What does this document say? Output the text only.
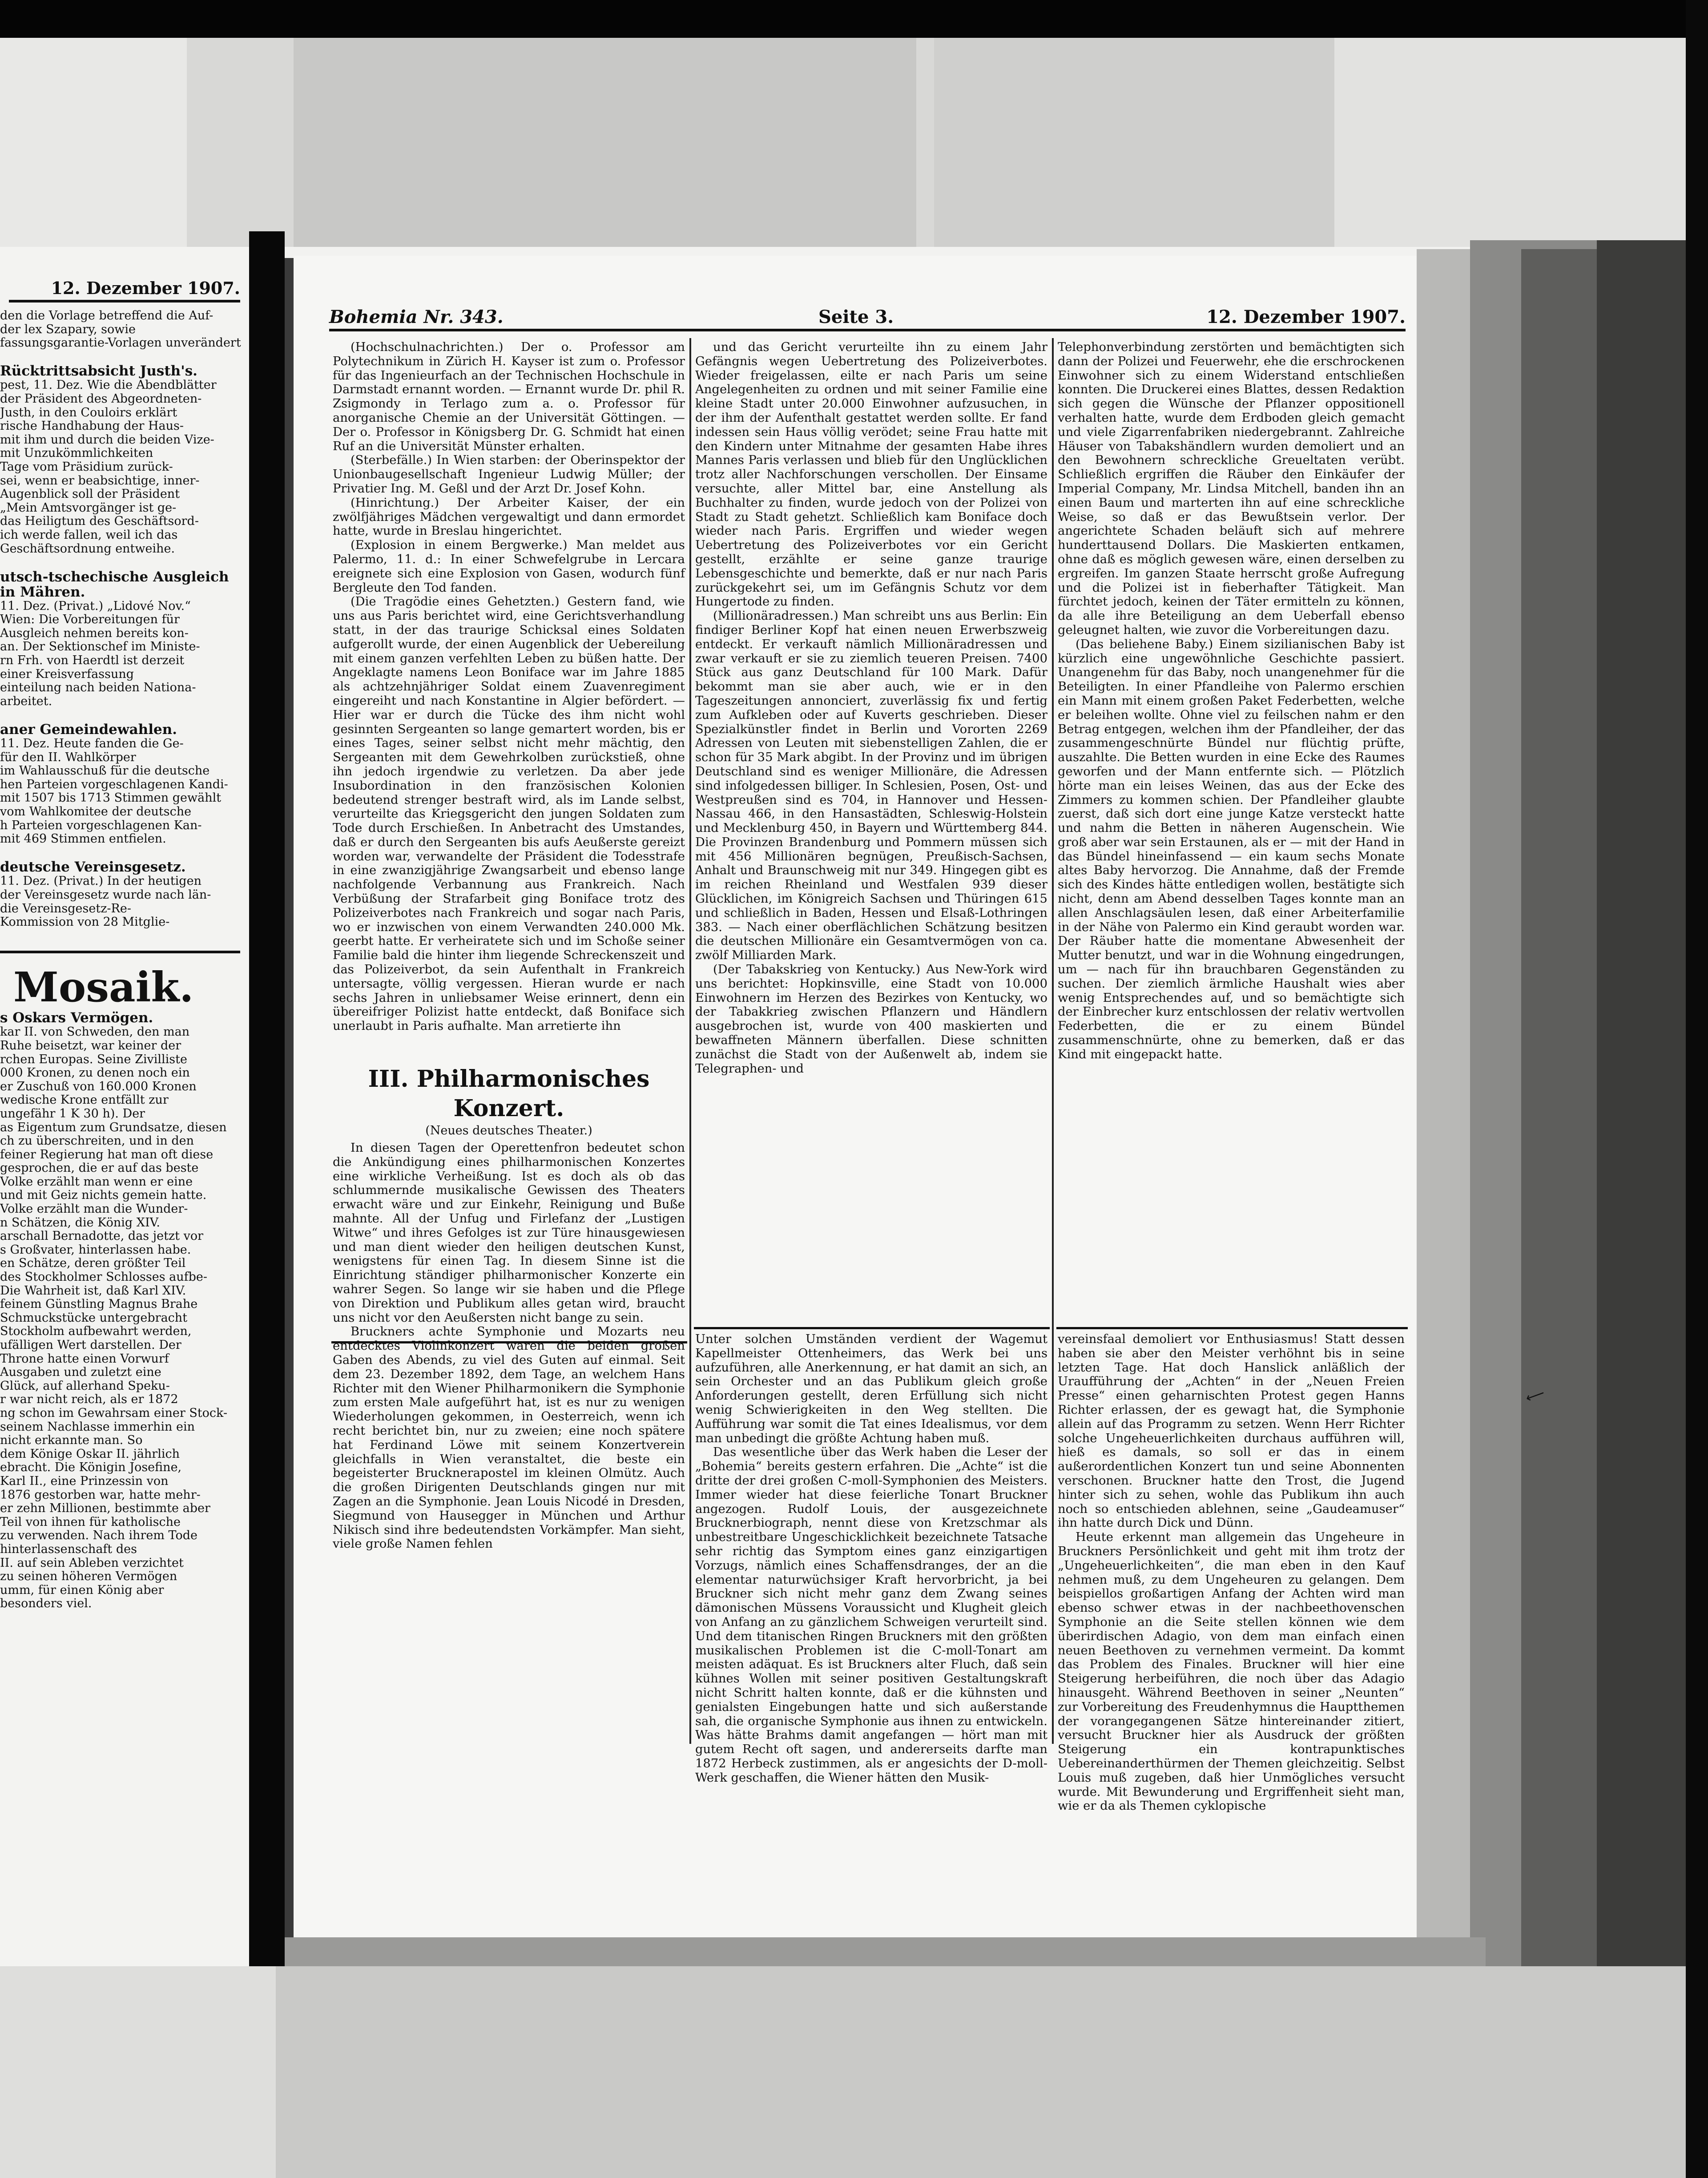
12. Dezember 1907.
den die Vorlage betreffend die Auf-
der lex Szapary, sowie
fassungsgarantie-Vorlagen unverändert

Rücktrittsabsicht Justh's.
pest, 11. Dez. Wie die Abendblätter
der Präsident des Abgeordneten-
Justh, in den Couloirs erklärt
rische Handhabung der Haus-
mit ihm und durch die beiden Vize-
mit Unzukömmlichkeiten
Tage vom Präsidium zurück-
sei, wenn er beabsichtige, inner-
Augenblick soll der Präsident
„Mein Amtsvorgänger ist ge-
das Heiligtum des Geschäftsord-
ich werde fallen, weil ich das
Geschäftsordnung entweihe.

utsch-tschechische Ausgleich
in Mähren.
11. Dez. (Privat.) „Lidové Nov.“
Wien: Die Vorbereitungen für
Ausgleich nehmen bereits kon-
an. Der Sektionschef im Ministe-
rn Frh. von Haerdtl ist derzeit
einer Kreisverfassung
einteilung nach beiden Nationa-
arbeitet.

aner Gemeindewahlen.
11. Dez. Heute fanden die Ge-
für den II. Wahlkörper
im Wahlausschuß für die deutsche
hen Parteien vorgeschlagenen Kandi-
mit 1507 bis 1713 Stimmen gewählt
vom Wahlkomitee der deutsche
h Parteien vorgeschlagenen Kan-
mit 469 Stimmen entfielen.

deutsche Vereinsgesetz.
11. Dez. (Privat.) In der heutigen
der Vereinsgesetz wurde nach län-
die Vereinsgesetz-Re-
Kommission von 28 Mitglie-

Mosaik.
s Oskars Vermögen.
kar II. von Schweden, den man
Ruhe beisetzt, war keiner der
rchen Europas. Seine Zivilliste
000 Kronen, zu denen noch ein
er Zuschuß von 160.000 Kronen
wedische Krone entfällt zur
ungefähr 1 K 30 h). Der
as Eigentum zum Grundsatze, diesen
ch zu überschreiten, und in den
feiner Regierung hat man oft diese
gesprochen, die er auf das beste
Volke erzählt man wenn er eine
und mit Geiz nichts gemein hatte.
Volke erzählt man die Wunder-
n Schätzen, die König XIV.
arschall Bernadotte, das jetzt vor
s Großvater, hinterlassen habe.
en Schätze, deren größter Teil
des Stockholmer Schlosses aufbe-
Die Wahrheit ist, daß Karl XIV.
feinem Günstling Magnus Brahe
Schmuckstücke untergebracht
Stockholm aufbewahrt werden,
ufälligen Wert darstellen. Der
Throne hatte einen Vorwurf
Ausgaben und zuletzt eine
Glück, auf allerhand Speku-
r war nicht reich, als er 1872
ng schon im Gewahrsam einer Stock-
seinem Nachlasse immerhin ein
nicht erkannte man. So
dem Könige Oskar II. jährlich
ebracht. Die Königin Josefine,
Karl II., eine Prinzessin von
1876 gestorben war, hatte mehr-
er zehn Millionen, bestimmte aber
Teil von ihnen für katholische
zu verwenden. Nach ihrem Tode
hinterlassenschaft des
II. auf sein Ableben verzichtet
zu seinen höheren Vermögen
umm, für einen König aber
besonders viel.
Bohemia Nr. 343.	Seite 3.	12. Dezember 1907.
(Hochschulnachrichten.) Der o. Professor am Polytechnikum in Zürich H. Kayser ist zum o. Professor für das Ingenieurfach an der Technischen Hochschule in Darmstadt ernannt worden. — Ernannt wurde Dr. phil R. Zsigmondy in Terlago zum a. o. Professor für anorganische Chemie an der Universität Göttingen. — Der o. Professor in Königsberg Dr. G. Schmidt hat einen Ruf an die Universität Münster erhalten.
(Sterbefälle.) In Wien starben: der Oberinspektor der Unionbaugesellschaft Ingenieur Ludwig Müller; der Privatier Ing. M. Geßl und der Arzt Dr. Josef Kohn.
(Hinrichtung.) Der Arbeiter Kaiser, der ein zwölfjähriges Mädchen vergewaltigt und dann ermordet hatte, wurde in Breslau hingerichtet.
(Explosion in einem Bergwerke.) Man meldet aus Palermo, 11. d.: In einer Schwefelgrube in Lercara ereignete sich eine Explosion von Gasen, wodurch fünf Bergleute den Tod fanden.
(Die Tragödie eines Gehetzten.) Gestern fand, wie uns aus Paris berichtet wird, eine Gerichtsverhandlung statt, in der das traurige Schicksal eines Soldaten aufgerollt wurde, der einen Augenblick der Uebereilung mit einem ganzen verfehlten Leben zu büßen hatte. Der Angeklagte namens Leon Boniface war im Jahre 1885 als achtzehnjähriger Soldat einem Zuavenregiment eingereiht und nach Konstantine in Algier befördert. — Hier war er durch die Tücke des ihm nicht wohl gesinnten Sergeanten so lange gemartert worden, bis er eines Tages, seiner selbst nicht mehr mächtig, den Sergeanten mit dem Gewehrkolben zurückstieß, ohne ihn jedoch irgendwie zu verletzen. Da aber jede Insubordination in den französischen Kolonien bedeutend strenger bestraft wird, als im Lande selbst, verurteilte das Kriegsgericht den jungen Soldaten zum Tode durch Erschießen. In Anbetracht des Umstandes, daß er durch den Sergeanten bis aufs Aeußerste gereizt worden war, verwandelte der Präsident die Todesstrafe in eine zwanzigjährige Zwangsarbeit und ebenso lange nachfolgende Verbannung aus Frankreich. Nach Verbüßung der Strafarbeit ging Boniface trotz des Polizeiverbotes nach Frankreich und sogar nach Paris, wo er inzwischen von einem Verwandten 240.000 Mk. geerbt hatte. Er verheiratete sich und im Schoße seiner Familie bald die hinter ihm liegende Schreckenszeit und das Polizeiverbot, da sein Aufenthalt in Frankreich untersagte, völlig vergessen. Hieran wurde er nach sechs Jahren in unliebsamer Weise erinnert, denn ein übereifriger Polizist hatte entdeckt, daß Boniface sich unerlaubt in Paris aufhalte. Man arretierte ihn
III. Philharmonisches Konzert.
(Neues deutsches Theater.)
In diesen Tagen der Operettenfron bedeutet schon die Ankündigung eines philharmonischen Konzertes eine wirkliche Verheißung. Ist es doch als ob das schlummernde musikalische Gewissen des Theaters erwacht wäre und zur Einkehr, Reinigung und Buße mahnte. All der Unfug und Firlefanz der „Lustigen Witwe“ und ihres Gefolges ist zur Türe hinausgewiesen und man dient wieder den heiligen deutschen Kunst, wenigstens für einen Tag. In diesem Sinne ist die Einrichtung ständiger philharmonischer Konzerte ein wahrer Segen. So lange wir sie haben und die Pflege von Direktion und Publikum alles getan wird, braucht uns nicht vor den Aeußersten nicht bange zu sein.
Bruckners achte Symphonie und Mozarts neu entdecktes Violinkonzert waren die beiden großen Gaben des Abends, zu viel des Guten auf einmal. Seit dem 23. Dezember 1892, dem Tage, an welchem Hans Richter mit den Wiener Philharmonikern die Symphonie zum ersten Male aufgeführt hat, ist es nur zu wenigen Wiederholungen gekommen, in Oesterreich, wenn ich recht berichtet bin, nur zu zweien; eine noch spätere hat Ferdinand Löwe mit seinem Konzertverein gleichfalls in Wien veranstaltet, die beste ein begeisterter Brucknerapostel im kleinen Olmütz. Auch die großen Dirigenten Deutschlands gingen nur mit Zagen an die Symphonie. Jean Louis Nicodé in Dresden, Siegmund von Hausegger in München und Arthur Nikisch sind ihre bedeutendsten Vorkämpfer. Man sieht, viele große Namen fehlen
und das Gericht verurteilte ihn zu einem Jahr Gefängnis wegen Uebertretung des Polizeiverbotes. Wieder freigelassen, eilte er nach Paris um seine Angelegenheiten zu ordnen und mit seiner Familie eine kleine Stadt unter 20.000 Einwohner aufzusuchen, in der ihm der Aufenthalt gestattet werden sollte. Er fand indessen sein Haus völlig verödet; seine Frau hatte mit den Kindern unter Mitnahme der gesamten Habe ihres Mannes Paris verlassen und blieb für den Unglücklichen trotz aller Nachforschungen verschollen. Der Einsame versuchte, aller Mittel bar, eine Anstellung als Buchhalter zu finden, wurde jedoch von der Polizei von Stadt zu Stadt gehetzt. Schließlich kam Boniface doch wieder nach Paris. Ergriffen und wieder wegen Uebertretung des Polizeiverbotes vor ein Gericht gestellt, erzählte er seine ganze traurige Lebensgeschichte und bemerkte, daß er nur nach Paris zurückgekehrt sei, um im Gefängnis Schutz vor dem Hungertode zu finden.
(Millionäradressen.) Man schreibt uns aus Berlin: Ein findiger Berliner Kopf hat einen neuen Erwerbszweig entdeckt. Er verkauft nämlich Millionäradressen und zwar verkauft er sie zu ziemlich teueren Preisen. 7400 Stück aus ganz Deutschland für 100 Mark. Dafür bekommt man sie aber auch, wie er in den Tageszeitungen annonciert, zuverlässig fix und fertig zum Aufkleben oder auf Kuverts geschrieben. Dieser Spezialkünstler findet in Berlin und Vororten 2269 Adressen von Leuten mit siebenstelligen Zahlen, die er schon für 35 Mark abgibt. In der Provinz und im übrigen Deutschland sind es weniger Millionäre, die Adressen sind infolgedessen billiger. In Schlesien, Posen, Ost- und Westpreußen sind es 704, in Hannover und Hessen-Nassau 466, in den Hansastädten, Schleswig-Holstein und Mecklenburg 450, in Bayern und Württemberg 844. Die Provinzen Brandenburg und Pommern müssen sich mit 456 Millionären begnügen, Preußisch-Sachsen, Anhalt und Braunschweig mit nur 349. Hingegen gibt es im reichen Rheinland und Westfalen 939 dieser Glücklichen, im Königreich Sachsen und Thüringen 615 und schließlich in Baden, Hessen und Elsaß-Lothringen 383. — Nach einer oberflächlichen Schätzung besitzen die deutschen Millionäre ein Gesamtvermögen von ca. zwölf Milliarden Mark.
(Der Tabakskrieg von Kentucky.) Aus New-York wird uns berichtet: Hopkinsville, eine Stadt von 10.000 Einwohnern im Herzen des Bezirkes von Kentucky, wo der Tabakkrieg zwischen Pflanzern und Händlern ausgebrochen ist, wurde von 400 maskierten und bewaffneten Männern überfallen. Diese schnitten zunächst die Stadt von der Außenwelt ab, indem sie Telegraphen- und
Telephonverbindung zerstörten und bemächtigten sich dann der Polizei und Feuerwehr, ehe die erschrockenen Einwohner sich zu einem Widerstand entschließen konnten. Die Druckerei eines Blattes, dessen Redaktion sich gegen die Wünsche der Pflanzer oppositionell verhalten hatte, wurde dem Erdboden gleich gemacht und viele Zigarrenfabriken niedergebrannt. Zahlreiche Häuser von Tabakshändlern wurden demoliert und an den Bewohnern schreckliche Greueltaten verübt. Schließlich ergriffen die Räuber den Einkäufer der Imperial Company, Mr. Lindsa Mitchell, banden ihn an einen Baum und marterten ihn auf eine schreckliche Weise, so daß er das Bewußtsein verlor. Der angerichtete Schaden beläuft sich auf mehrere hunderttausend Dollars. Die Maskierten entkamen, ohne daß es möglich gewesen wäre, einen derselben zu ergreifen. Im ganzen Staate herrscht große Aufregung und die Polizei ist in fieberhafter Tätigkeit. Man fürchtet jedoch, keinen der Täter ermitteln zu können, da alle ihre Beteiligung an dem Ueberfall ebenso geleugnet halten, wie zuvor die Vorbereitungen dazu.
(Das beliehene Baby.) Einem sizilianischen Baby ist kürzlich eine ungewöhnliche Geschichte passiert. Unangenehm für das Baby, noch unangenehmer für die Beteiligten. In einer Pfandleihe von Palermo erschien ein Mann mit einem großen Paket Federbetten, welche er beleihen wollte. Ohne viel zu feilschen nahm er den Betrag entgegen, welchen ihm der Pfandleiher, der das zusammengeschnürte Bündel nur flüchtig prüfte, auszahlte. Die Betten wurden in eine Ecke des Raumes geworfen und der Mann entfernte sich. — Plötzlich hörte man ein leises Weinen, das aus der Ecke des Zimmers zu kommen schien. Der Pfandleiher glaubte zuerst, daß sich dort eine junge Katze versteckt hatte und nahm die Betten in näheren Augenschein. Wie groß aber war sein Erstaunen, als er — mit der Hand in das Bündel hineinfassend — ein kaum sechs Monate altes Baby hervorzog. Die Annahme, daß der Fremde sich des Kindes hätte entledigen wollen, bestätigte sich nicht, denn am Abend desselben Tages konnte man an allen Anschlagsäulen lesen, daß einer Arbeiterfamilie in der Nähe von Palermo ein Kind geraubt worden war. Der Räuber hatte die momentane Abwesenheit der Mutter benutzt, und war in die Wohnung eingedrungen, um — nach für ihn brauchbaren Gegenständen zu suchen. Der ziemlich ärmliche Haushalt wies aber wenig Entsprechendes auf, und so bemächtigte sich der Einbrecher kurz entschlossen der relativ wertvollen Federbetten, die er zu einem Bündel zusammenschnürte, ohne zu bemerken, daß er das Kind mit eingepackt hatte.
Unter solchen Umständen verdient der Wagemut Kapellmeister Ottenheimers, das Werk bei uns aufzuführen, alle Anerkennung, er hat damit an sich, an sein Orchester und an das Publikum gleich große Anforderungen gestellt, deren Erfüllung sich nicht wenig Schwierigkeiten in den Weg stellten. Die Aufführung war somit die Tat eines Idealismus, vor dem man unbedingt die größte Achtung haben muß.
Das wesentliche über das Werk haben die Leser der „Bohemia“ bereits gestern erfahren. Die „Achte“ ist die dritte der drei großen C-moll-Symphonien des Meisters. Immer wieder hat diese feierliche Tonart Bruckner angezogen. Rudolf Louis, der ausgezeichnete Brucknerbiograph, nennt diese von Kretzschmar als unbestreitbare Ungeschicklichkeit bezeichnete Tatsache sehr richtig das Symptom eines ganz einzigartigen Vorzugs, nämlich eines Schaffensdranges, der an die elementar naturwüchsiger Kraft hervorbricht, ja bei Bruckner sich nicht mehr ganz dem Zwang seines dämonischen Müssens Voraussicht und Klugheit gleich von Anfang an zu gänzlichem Schweigen verurteilt sind. Und dem titanischen Ringen Bruckners mit den größten musikalischen Problemen ist die C-moll-Tonart am meisten adäquat. Es ist Bruckners alter Fluch, daß sein kühnes Wollen mit seiner positiven Gestaltungskraft nicht Schritt halten konnte, daß er die kühnsten und genialsten Eingebungen hatte und sich außerstande sah, die organische Symphonie aus ihnen zu entwickeln. Was hätte Brahms damit angefangen — hört man mit gutem Recht oft sagen, und andererseits darfte man 1872 Herbeck zustimmen, als er angesichts der D-moll-Werk geschaffen, die Wiener hätten den Musik-
vereinsfaal demoliert vor Enthusiasmus! Statt dessen haben sie aber den Meister verhöhnt bis in seine letzten Tage. Hat doch Hanslick anläßlich der Uraufführung der „Achten“ in der „Neuen Freien Presse“ einen geharnischten Protest gegen Hanns Richter erlassen, der es gewagt hat, die Symphonie allein auf das Programm zu setzen. Wenn Herr Richter solche Ungeheuerlichkeiten durchaus aufführen will, hieß es damals, so soll er das in einem außerordentlichen Konzert tun und seine Abonnenten verschonen. Bruckner hatte den Trost, die Jugend hinter sich zu sehen, wohle das Publikum ihn auch noch so entschieden ablehnen, seine „Gaudeamuser“ ihn hatte durch Dick und Dünn.
Heute erkennt man allgemein das Ungeheure in Bruckners Persönlichkeit und geht mit ihm trotz der „Ungeheuerlichkeiten“, die man eben in den Kauf nehmen muß, zu dem Ungeheuren zu gelangen. Dem beispiellos großartigen Anfang der Achten wird man ebenso schwer etwas in der nachbeethovenschen Symphonie an die Seite stellen können wie dem überirdischen Adagio, von dem man einfach einen neuen Beethoven zu vernehmen vermeint. Da kommt das Problem des Finales. Bruckner will hier eine Steigerung herbeiführen, die noch über das Adagio hinausgeht. Während Beethoven in seiner „Neunten“ zur Vorbereitung des Freudenhymnus die Hauptthemen der vorangegangenen Sätze hintereinander zitiert, versucht Bruckner hier als Ausdruck der größten Steigerung ein kontrapunktisches Uebereinanderthürmen der Themen gleichzeitig. Selbst Louis muß zugeben, daß hier Unmögliches versucht wurde. Mit Bewunderung und Ergriffenheit sieht man, wie er da als Themen cyklopische
⟵
